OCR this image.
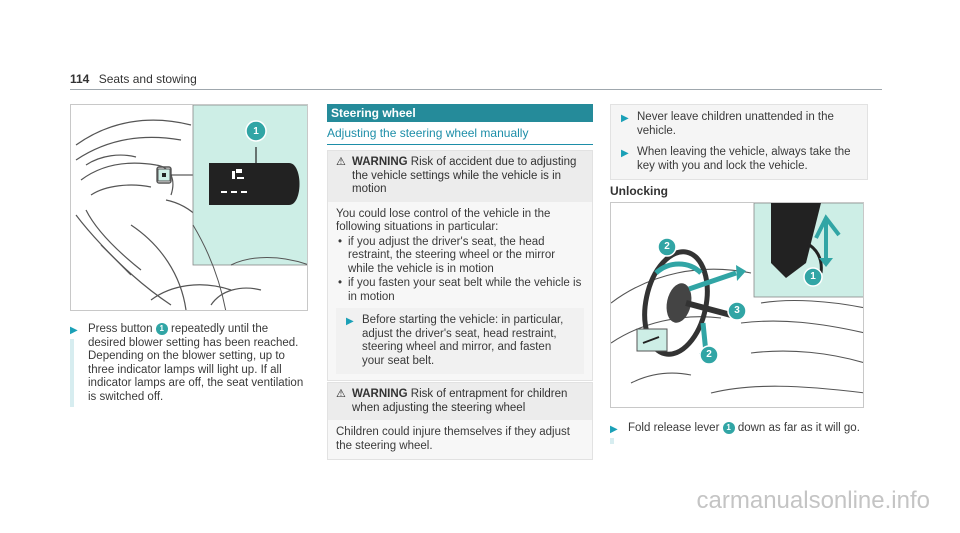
114 Seats and stowing
1
▶ Press button 1 repeatedly until the desired blower setting has been reached.
Depending on the blower setting, up to three indicator lamps will light up. If all indicator lamps are off, the seat ventilation is switched off.
Steering wheel
Adjusting the steering wheel manually
⚠ WARNING Risk of accident due to adjusting the vehicle settings while the vehicle is in motion
You could lose control of the vehicle in the following situations in particular:
• if you adjust the driver's seat, the head restraint, the steering wheel or the mirror while the vehicle is in motion
• if you fasten your seat belt while the vehicle is in motion
▶ Before starting the vehicle: in particular, adjust the driver's seat, head restraint, steering wheel and mirror, and fasten your seat belt.
⚠ WARNING Risk of entrapment for children when adjusting the steering wheel
Children could injure themselves if they adjust the steering wheel.
▶ Never leave children unattended in the vehicle.
▶ When leaving the vehicle, always take the key with you and lock the vehicle.
Unlocking
1
2
3
2
▶ Fold release lever 1 down as far as it will go.
carmanualsonline.info
